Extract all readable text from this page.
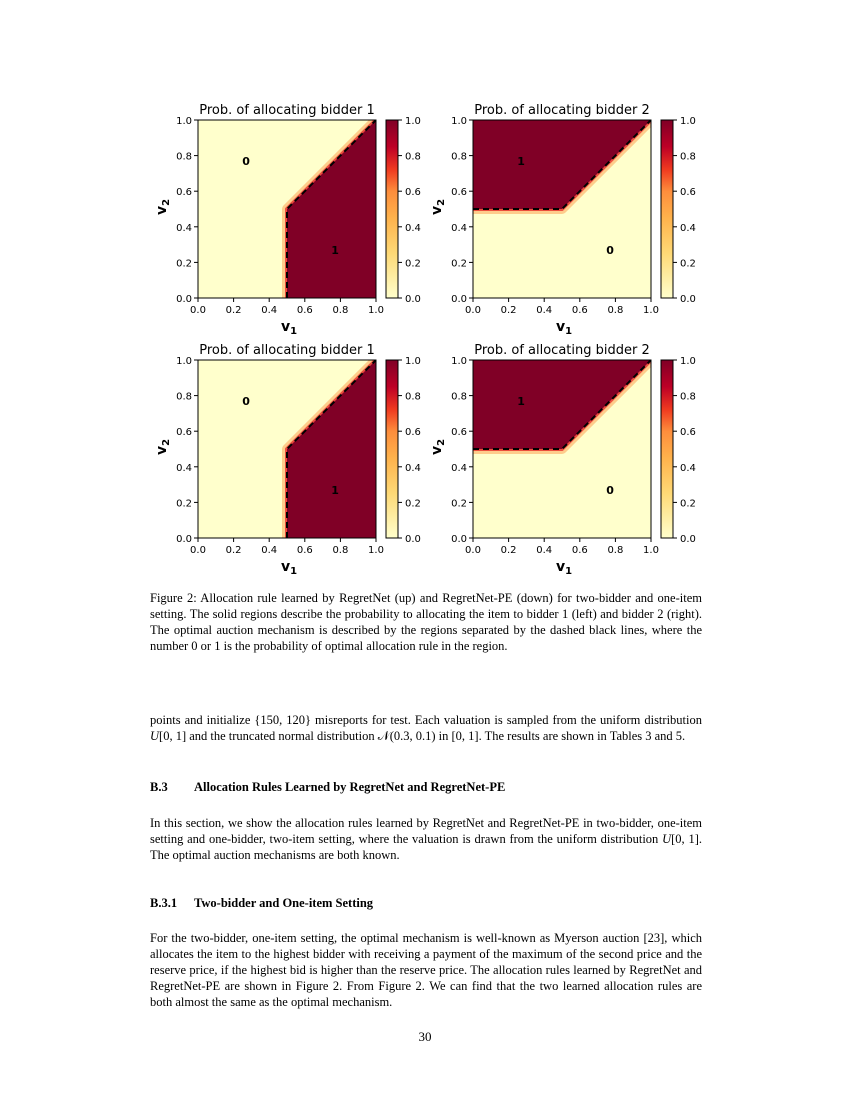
0
1
Prob. of allocating bidder 1
0.0
0.0
0.2
0.2
0.4
0.4
0.6
0.6
0.8
0.8
1.0
1.0
$v_1$
$v_2$
0.0
0.2
0.4
0.6
0.8
1.0
1
0
Prob. of allocating bidder 2
0.0
0.0
0.2
0.2
0.4
0.4
0.6
0.6
0.8
0.8
1.0
1.0
$v_1$
$v_2$
0.0
0.2
0.4
0.6
0.8
1.0
0
1
Prob. of allocating bidder 1
0.0
0.0
0.2
0.2
0.4
0.4
0.6
0.6
0.8
0.8
1.0
1.0
$v_1$
$v_2$
0.0
0.2
0.4
0.6
0.8
1.0
1
0
Prob. of allocating bidder 2
0.0
0.0
0.2
0.2
0.4
0.4
0.6
0.6
0.8
0.8
1.0
1.0
$v_1$
$v_2$
0.0
0.2
0.4
0.6
0.8
1.0
Figure 2: Allocation rule learned by RegretNet (up) and RegretNet-PE (down) for two-bidder and one-item setting. The solid regions describe the probability to allocating the item to bidder 1 (left) and bidder 2 (right). The optimal auction mechanism is described by the regions separated by the dashed black lines, where the number 0 or 1 is the probability of optimal allocation rule in the region.
points and initialize {150, 120} misreports for test. Each valuation is sampled from the uniform distribution U[0, 1] and the truncated normal distribution 𝒩(0.3, 0.1) in [0, 1]. The results are shown in Tables 3 and 5.
B.3 Allocation Rules Learned by RegretNet and RegretNet-PE
In this section, we show the allocation rules learned by RegretNet and RegretNet-PE in two-bidder, one-item setting and one-bidder, two-item setting, where the valuation is drawn from the uniform distribution U[0, 1]. The optimal auction mechanisms are both known.
B.3.1 Two-bidder and One-item Setting
For the two-bidder, one-item setting, the optimal mechanism is well-known as Myerson auction [23], which allocates the item to the highest bidder with receiving a payment of the maximum of the second price and the reserve price, if the highest bid is higher than the reserve price. The allocation rules learned by RegretNet and RegretNet-PE are shown in Figure 2. From Figure 2. We can find that the two learned allocation rules are both almost the same as the optimal mechanism.
30
